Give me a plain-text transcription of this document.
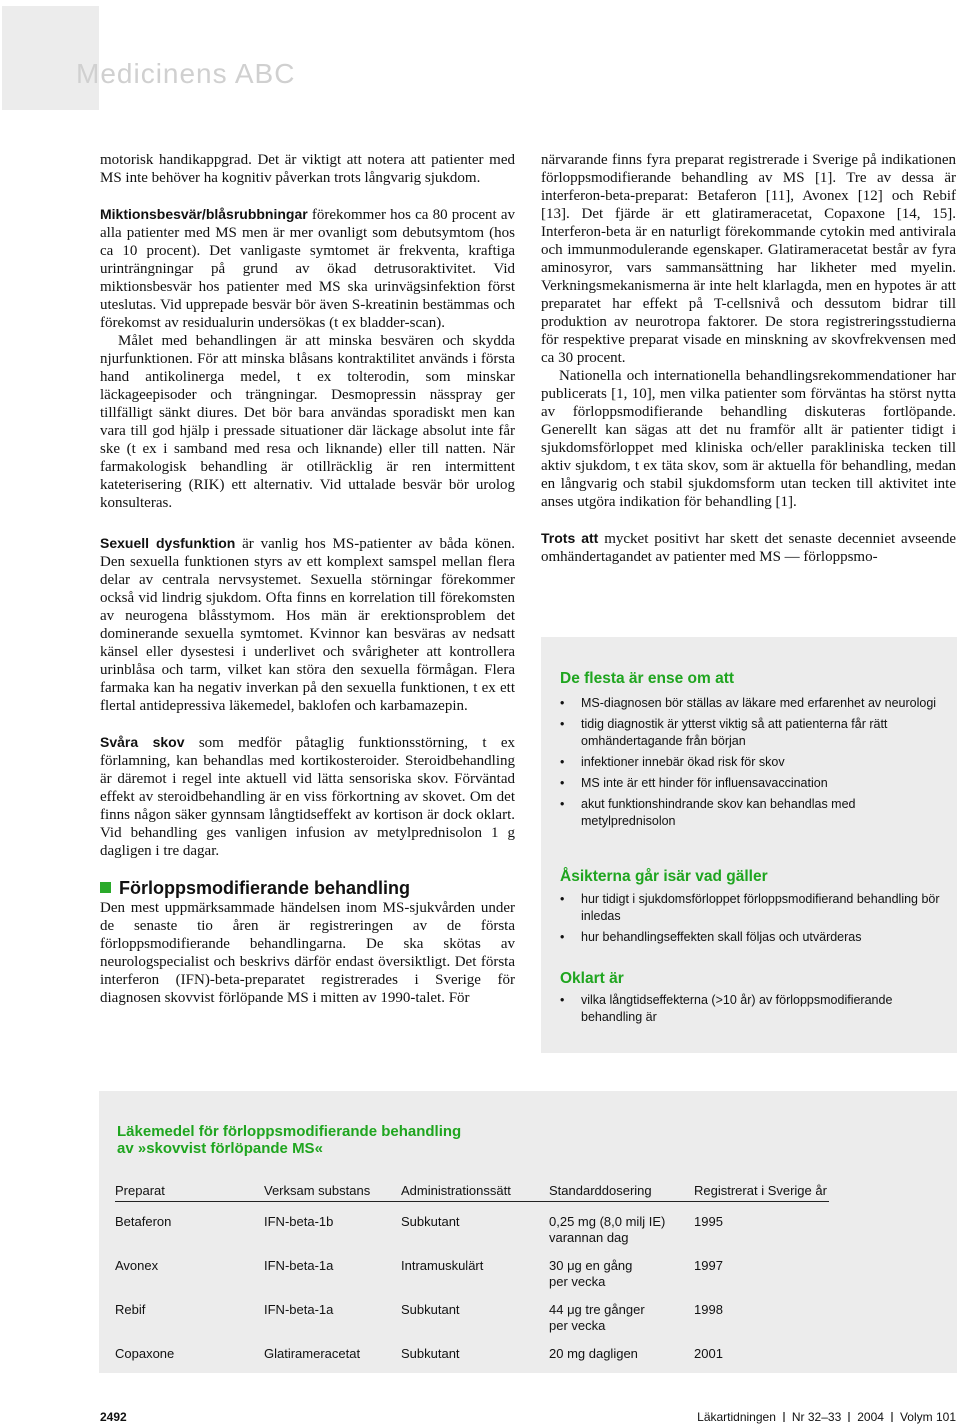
Medicinens ABC

motorisk handikappgrad. Det är viktigt att notera att patienter med MS inte behöver ha kognitiv påverkan trots långvarig sjukdom.

Miktionsbesvär/blåsrubbningar förekommer hos ca 80 procent av alla patienter med MS men är mer ovanligt som debutsymtom (hos ca 10 procent). Det vanligaste symtomet är frekventa, kraftiga urinträngningar på grund av ökad detrusoraktivitet. Vid miktionsbesvär hos patienter med MS ska urinvägsinfektion först uteslutas. Vid upprepade besvär bör även S-kreatinin bestämmas och förekomst av residualurin undersökas (t ex bladder-scan).

Målet med behandlingen är att minska besvären och skydda njurfunktionen. För att minska blåsans kontraktilitet används i första hand antikolinerga medel, t ex tolterodin, som minskar läckageepisoder och trängningar. Desmopressin nässpray ger tillfälligt sänkt diures. Det bör bara användas sporadiskt men kan vara till god hjälp i pressade situationer där läckage absolut inte får ske (t ex i samband med resa och liknande) eller till natten. När farmakologisk behandling är otillräcklig är ren intermittent kateterisering (RIK) ett alternativ. Vid uttalade besvär bör urolog konsulteras.

Sexuell dysfunktion är vanlig hos MS-patienter av båda könen. Den sexuella funktionen styrs av ett komplext samspel mellan flera delar av centrala nervsystemet. Sexuella störningar förekommer också vid lindrig sjukdom. Ofta finns en korrelation till förekomsten av neurogena blåsstymom. Hos män är erektionsproblem det dominerande sexuella symtomet. Kvinnor kan besväras av nedsatt känsel eller dysestesi i underlivet och svårigheter att kontrollera urinblåsa och tarm, vilket kan störa den sexuella förmågan. Flera farmaka kan ha negativ inverkan på den sexuella funktionen, t ex ett flertal antidepressiva läkemedel, baklofen och karbamazepin.

Svåra skov som medför påtaglig funktionsstörning, t ex förlamning, kan behandlas med kortikosteroider. Steroidbehandling är däremot i regel inte aktuell vid lätta sensoriska skov. Förväntad effekt av steroidbehandling är en viss förkortning av skovet. Om det finns någon säker gynnsam långtidseffekt av kortison är dock oklart. Vid behandling ges vanligen infusion av metylprednisolon 1 g dagligen i tre dagar.

Förloppsmodifierande behandling

Den mest uppmärksammade händelsen inom MS-sjukvården under de senaste tio åren är registreringen av de första förloppsmodifierande behandlingarna. De ska skötas av neurologspecialist och beskrivs därför endast översiktligt. Det första interferon (IFN)-beta-preparatet registrerades i Sverige för diagnosen skovvist förlöpande MS i mitten av 1990-talet. För

närvarande finns fyra preparat registrerade i Sverige på indikationen förloppsmodifierande behandling av MS [1]. Tre av dessa är interferon-beta-preparat: Betaferon [11], Avonex [12] och Rebif [13]. Det fjärde är ett glatirameracetat, Copaxone [14, 15]. Interferon-beta är en naturligt förekommande cytokin med antivirala och immunmodulerande egenskaper. Glatirameracetat består av fyra aminosyror, vars sammansättning har likheter med myelin. Verkningsmekanismerna är inte helt klarlagda, men en hypotes är att preparatet har effekt på T-cellsnivå och dessutom bidrar till produktion av neurotropa faktorer. De stora registreringsstudierna för respektive preparat visade en minskning av skovfrekvensen med ca 30 procent.

Nationella och internationella behandlingsrekommendationer har publicerats [1, 10], men vilka patienter som förväntas ha störst nytta av förloppsmodifierande behandling diskuteras fortlöpande. Generellt kan sägas att det nu framför allt är patienter tidigt i sjukdomsförloppet med kliniska och/eller parakliniska tecken till aktiv sjukdom, t ex täta skov, som är aktuella för behandling, medan en långvarig och stabil sjukdomsform utan tecken till aktivitet inte anses utgöra indikation för behandling [1].

Trots att mycket positivt har skett det senaste decenniet avseende omhändertagandet av patienter med MS — förloppsmo-

De flesta är ense om att
• MS-diagnosen bör ställas av läkare med erfarenhet av neurologi
• tidig diagnostik är ytterst viktig så att patienterna får rätt omhändertagande från början
• infektioner innebär ökad risk för skov
• MS inte är ett hinder för influensavaccination
• akut funktionshindrande skov kan behandlas med metylprednisolon
Åsikterna går isär vad gäller
• hur tidigt i sjukdomsförloppet förloppsmodifierand behandling bör inledas
• hur behandlingseffekten skall följas och utvärderas
Oklart är
• vilka långtidseffekterna (>10 år) av förloppsmodifierande behandling är
Läkemedel för förloppsmodifierande behandling
av »skovvist förlöpande MS«
Preparat	Verksam substans	Administrationssätt	Standarddosering	Registrerat i Sverige år
Betaferon	IFN-beta-1b	Subkutant	0,25 mg (8,0 milj IE)
varannan dag	1995
Avonex	IFN-beta-1a	Intramuskulärt	30 μg en gång
per vecka	1997
Rebif	IFN-beta-1a	Subkutant	44 μg tre gånger
per vecka	1998
Copaxone	Glatirameracetat	Subkutant	20 mg dagligen	2001
2492	Läkartidningen Nr 32–33 2004 Volym 101
